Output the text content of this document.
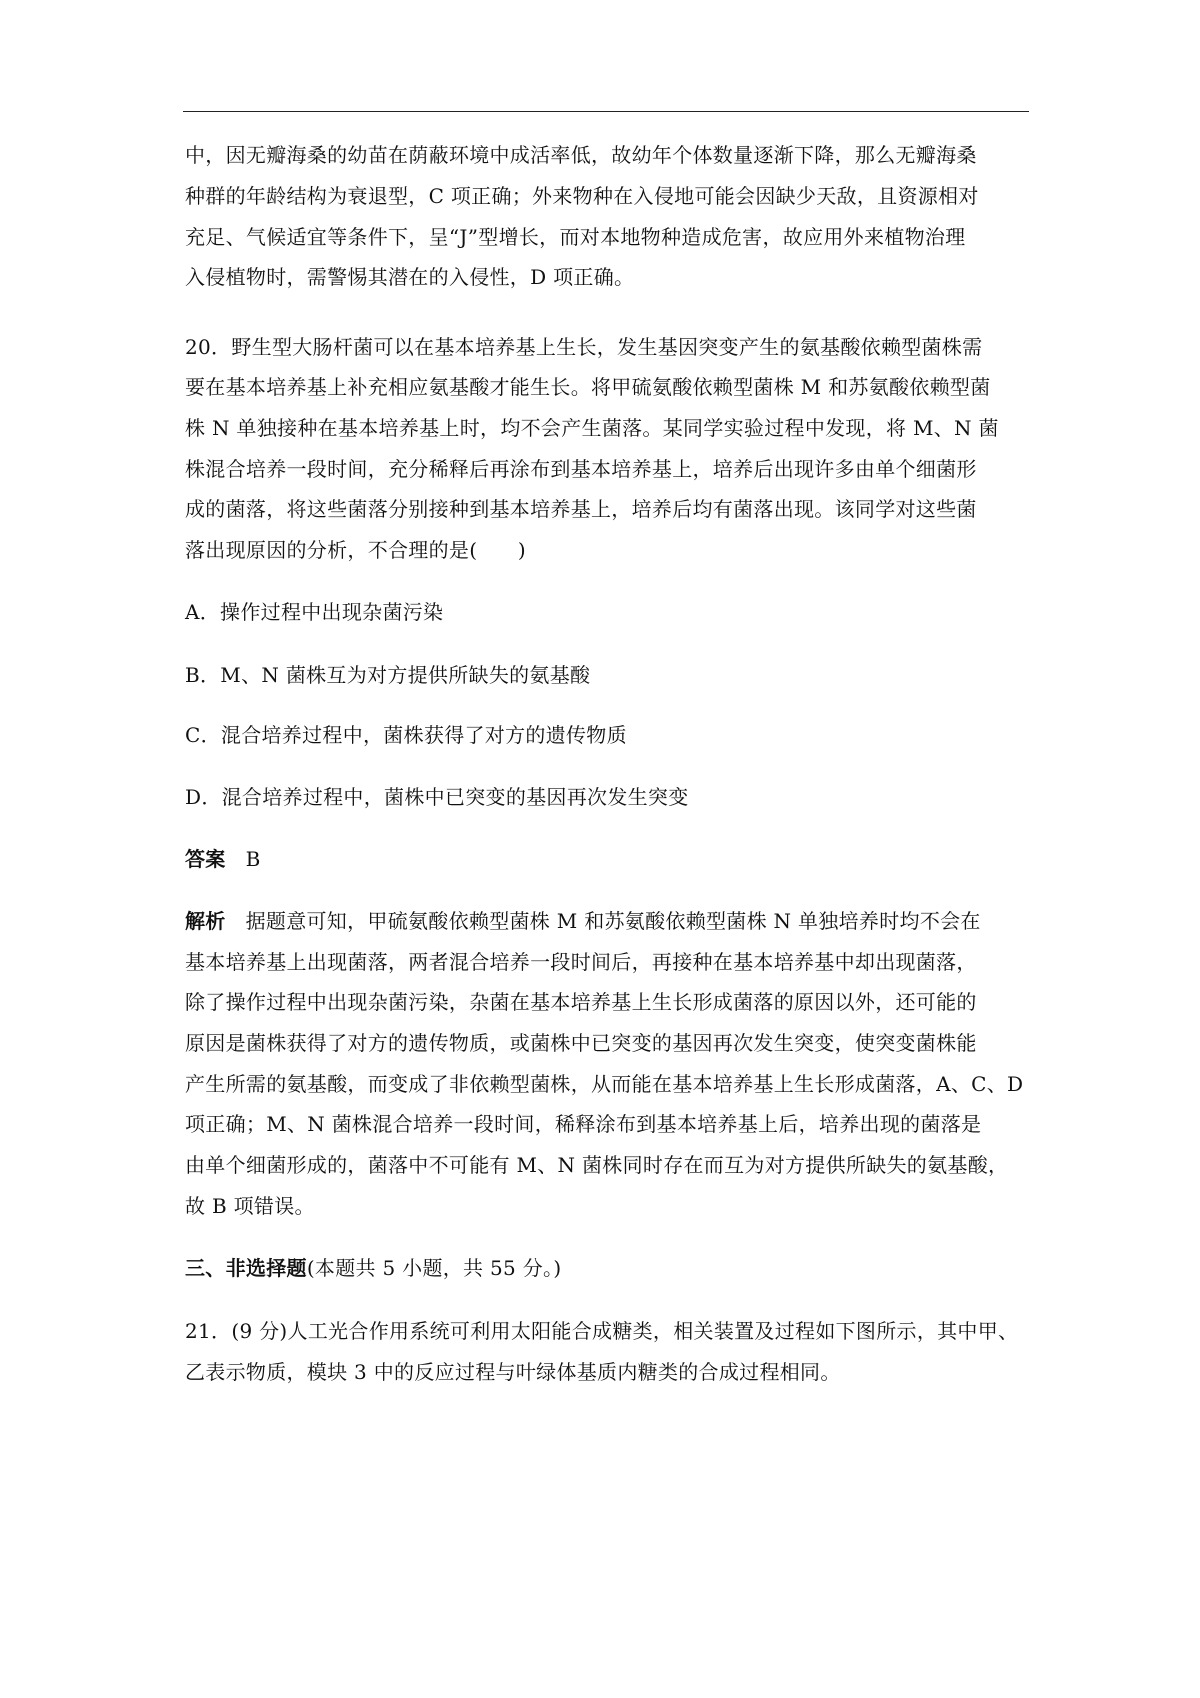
中，因无瓣海桑的幼苗在荫蔽环境中成活率低，故幼年个体数量逐渐下降，那么无瓣海桑
种群的年龄结构为衰退型，C 项正确；外来物种在入侵地可能会因缺少天敌，且资源相对
充足、气候适宜等条件下，呈“J”型增长，而对本地物种造成危害，故应用外来植物治理
入侵植物时，需警惕其潜在的入侵性，D 项正确。
20．野生型大肠杆菌可以在基本培养基上生长，发生基因突变产生的氨基酸依赖型菌株需
要在基本培养基上补充相应氨基酸才能生长。将甲硫氨酸依赖型菌株 M 和苏氨酸依赖型菌
株 N 单独接种在基本培养基上时，均不会产生菌落。某同学实验过程中发现，将 M、N 菌
株混合培养一段时间，充分稀释后再涂布到基本培养基上，培养后出现许多由单个细菌形
成的菌落，将这些菌落分别接种到基本培养基上，培养后均有菌落出现。该同学对这些菌
落出现原因的分析，不合理的是(　　)
A．操作过程中出现杂菌污染
B．M、N 菌株互为对方提供所缺失的氨基酸
C．混合培养过程中，菌株获得了对方的遗传物质
D．混合培养过程中，菌株中已突变的基因再次发生突变
答案 B
解析 据题意可知，甲硫氨酸依赖型菌株 M 和苏氨酸依赖型菌株 N 单独培养时均不会在
基本培养基上出现菌落，两者混合培养一段时间后，再接种在基本培养基中却出现菌落，
除了操作过程中出现杂菌污染，杂菌在基本培养基上生长形成菌落的原因以外，还可能的
原因是菌株获得了对方的遗传物质，或菌株中已突变的基因再次发生突变，使突变菌株能
产生所需的氨基酸，而变成了非依赖型菌株，从而能在基本培养基上生长形成菌落，A、C、D
项正确；M、N 菌株混合培养一段时间，稀释涂布到基本培养基上后，培养出现的菌落是
由单个细菌形成的，菌落中不可能有 M、N 菌株同时存在而互为对方提供所缺失的氨基酸，
故 B 项错误。
三、非选择题(本题共 5 小题，共 55 分。)
21．(9 分)人工光合作用系统可利用太阳能合成糖类，相关装置及过程如下图所示，其中甲、
乙表示物质，模块 3 中的反应过程与叶绿体基质内糖类的合成过程相同。
